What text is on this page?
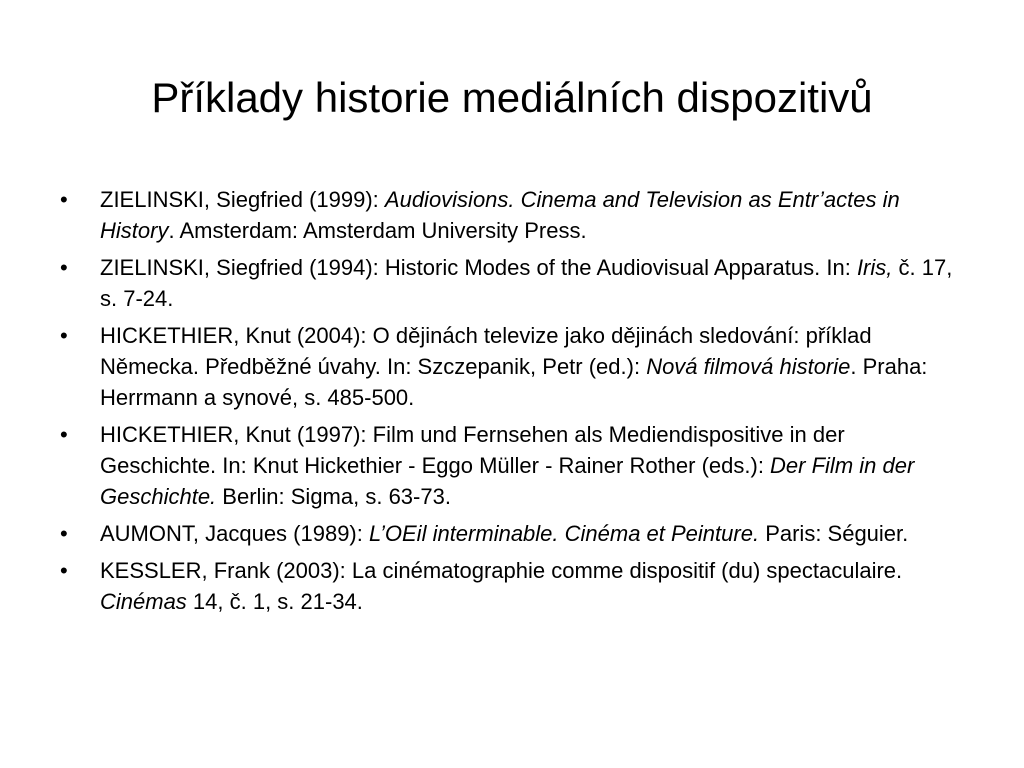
Příklady historie mediálních dispozitivů
• ZIELINSKI, Siegfried (1999): Audiovisions. Cinema and Television as Entr’actes in History. Amsterdam: Amsterdam University Press.
• ZIELINSKI, Siegfried (1994): Historic Modes of the Audiovisual Apparatus. In: Iris, č. 17, s. 7-24.
• HICKETHIER, Knut (2004): O dějinách televize jako dějinách sledování: příklad Německa. Předběžné úvahy. In: Szczepanik, Petr (ed.): Nová filmová historie. Praha: Herrmann a synové, s. 485-500.
• HICKETHIER, Knut (1997): Film und Fernsehen als Mediendispositive in der Geschichte. In: Knut Hickethier - Eggo Müller - Rainer Rother (eds.): Der Film in der Geschichte. Berlin: Sigma, s. 63-73.
• AUMONT, Jacques (1989): L’OEil interminable. Cinéma et Peinture. Paris: Séguier.
• KESSLER, Frank (2003): La cinématographie comme dispositif (du) spectaculaire. Cinémas 14, č. 1, s. 21-34.
